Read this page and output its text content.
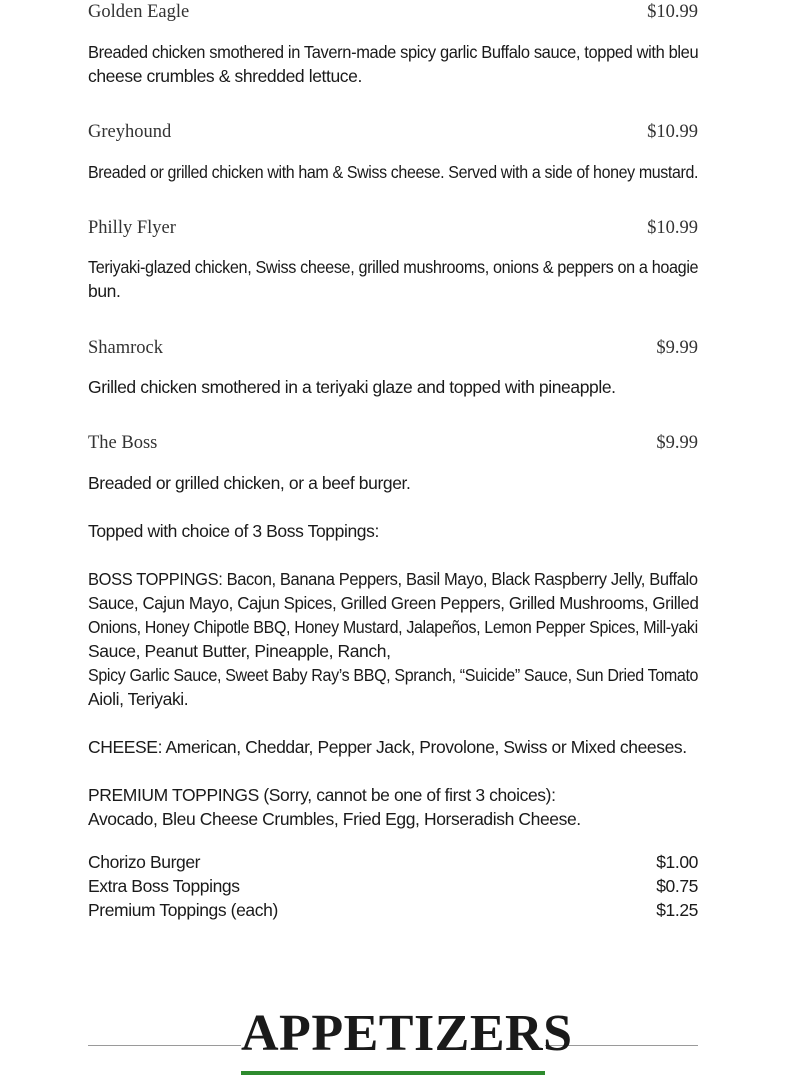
Golden Eagle	$10.99
Breaded chicken smothered in Tavern-made spicy garlic Buffalo sauce, topped with bleu
cheese crumbles & shredded lettuce.
Greyhound	$10.99
Breaded or grilled chicken with ham & Swiss cheese. Served with a side of honey mustard.
Philly Flyer	$10.99
Teriyaki-glazed chicken, Swiss cheese, grilled mushrooms, onions & peppers on a hoagie
bun.
Shamrock	$9.99
Grilled chicken smothered in a teriyaki glaze and topped with pineapple.
The Boss	$9.99
Breaded or grilled chicken, or a beef burger.
Topped with choice of 3 Boss Toppings:
BOSS TOPPINGS: Bacon, Banana Peppers, Basil Mayo, Black Raspberry Jelly, Buffalo
Sauce, Cajun Mayo, Cajun Spices, Grilled Green Peppers, Grilled Mushrooms, Grilled
Onions, Honey Chipotle BBQ, Honey Mustard, Jalapeños, Lemon Pepper Spices, Mill-yaki
Sauce, Peanut Butter, Pineapple, Ranch,
Spicy Garlic Sauce, Sweet Baby Ray’s BBQ, Spranch, “Suicide” Sauce, Sun Dried Tomato
Aioli, Teriyaki.
CHEESE: American, Cheddar, Pepper Jack, Provolone, Swiss or Mixed cheeses.
PREMIUM TOPPINGS (Sorry, cannot be one of first 3 choices):
Avocado, Bleu Cheese Crumbles, Fried Egg, Horseradish Cheese.
Chorizo Burger	$1.00
Extra Boss Toppings	$0.75
Premium Toppings (each)	$1.25
APPETIZERS
